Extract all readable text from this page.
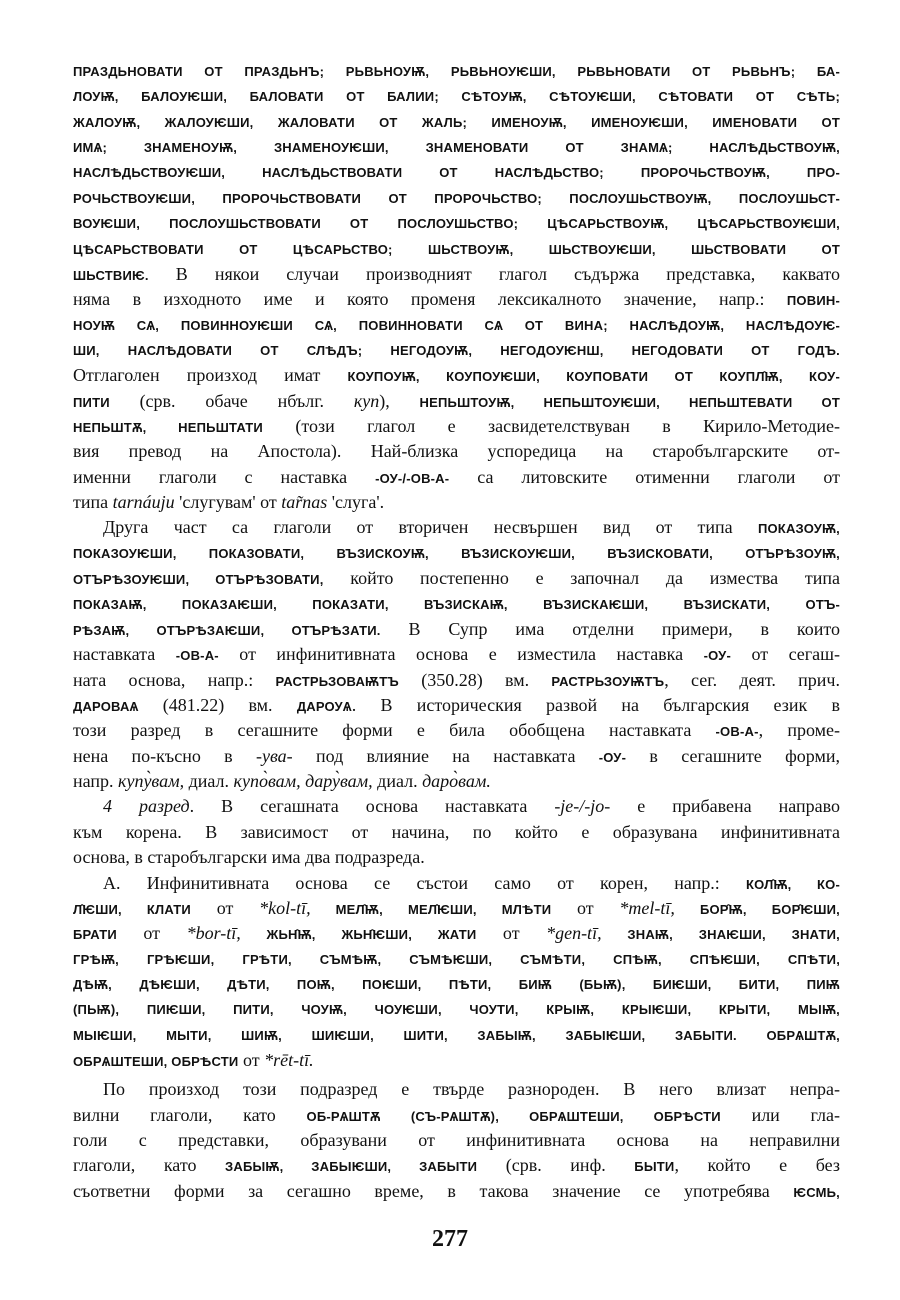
ПРАЗДЬНОВАТИ ОТ ПРАЗДЬНЪ; РЬВЬНОУѬ, РЬВЬНОУѤШИ, РЬВЬНОВАТИ ОТ РЬВЬНЪ; БА-
ЛОУѬ, БАЛОУѤШИ, БАЛОВАТИ ОТ БАЛИИ; СѢТОУѬ, СѢТОУѤШИ, СѢТОВАТИ ОТ СѢТЬ;
ЖАЛОУѬ, ЖАЛОУѤШИ, ЖАЛОВАТИ ОТ ЖАЛЬ; ИМЕНОУѬ, ИМЕНОУѤШИ, ИМЕНОВАТИ ОТ
ИМѦ; ЗНАМЕНОУѬ, ЗНАМЕНОУѤШИ, ЗНАМЕНОВАТИ ОТ ЗНАМѦ; НАСЛѢДЬСТВОУѬ,
НАСЛѢДЬСТВОУѤШИ, НАСЛѢДЬСТВОВАТИ ОТ НАСЛѢДЬСТВО; ПРОРОЧЬСТВОУѬ, ПРО-
РОЧЬСТВОУѤШИ, ПРОРОЧЬСТВОВАТИ ОТ ПРОРОЧЬСТВО; ПОСЛОУШЬСТВОУѬ, ПОСЛОУШЬСТ-
ВОУѤШИ, ПОСЛОУШЬСТВОВАТИ ОТ ПОСЛОУШЬСТВО; ЦѢСАРЬСТВОУѬ, ЦѢСАРЬСТВОУѤШИ,
ЦѢСАРЬСТВОВАТИ ОТ ЦѢСАРЬСТВО; ШЬСТВОУѬ, ШЬСТВОУѤШИ, ШЬСТВОВАТИ ОТ
ШЬСТВИѤ. В някои случаи производният глагол съдържа представка, каквато
няма в изходното име и която променя лексикалното значение, напр.: ПОВИН-
НОУѬ СѦ, ПОВИННОУѤШИ СѦ, ПОВИННОВАТИ СѦ ОТ ВИНА; НАСЛѢДОУѬ, НАСЛѢДОУѤ-
ШИ, НАСЛѢДОВАТИ ОТ СЛѢДЪ; НЕГОДОУѬ, НЕГОДОУѤНШ, НЕГОДОВАТИ ОТ ГОДЪ.
Отглаголен произход имат КОУПОУѬ, КОУПОУѤШИ, КОУПОВАТИ ОТ КОУПЛ̂Ѭ, КОУ-
ПИТИ (срв. обаче нбълг. куп), НЕПЬШТОУѬ, НЕПЬШТОУѤШИ, НЕПЬШТЕВАТИ ОТ
НЕПЬШТѪ, НЕПЬШТАТИ (този глагол е засвидетелствуван в Кирило-Методие-
вия превод на Апостола). Най-близка успоредица на старобългарските от-
именни глаголи с наставка -ОУ-/-ОВ-А- са литовските отименни глаголи от
типа tarnáuju 'слугувам' от tar̃nas 'слуга'.
Друга част са глаголи от вторичен несвършен вид от типа ПОКАЗОУѬ,
ПОКАЗОУѤШИ, ПОКАЗОВАТИ, ВЪЗИСКОУѬ, ВЪЗИСКОУѤШИ, ВЪЗИСКОВАТИ, ОТЪРѢЗОУѬ,
ОТЪРѢЗОУѤШИ, ОТЪРѢЗОВАТИ, който постепенно е започнал да измества типа
ПОКАЗАѬ, ПОКАЗАѤШИ, ПОКАЗАТИ, ВЪЗИСКАѬ, ВЪЗИСКАѤШИ, ВЪЗИСКАТИ, ОТЪ-
РѢЗАѬ, ОТЪРѢЗАѤШИ, ОТЪРѢЗАТИ. В Супр има отделни примери, в които
наставката -ОВ-А- от инфинитивната основа е изместила наставка -ОУ- от сегаш-
ната основа, напр.: РАСТРЬЗОВАѬТЪ (350.28) вм. РАСТРЬЗОУѬТЪ, сег. деят. прич.
ДАРОВАѦ (481.22) вм. ДАРОУѦ. В историческия развой на българския език в
този разред в сегашните форми е била обобщена наставката -ОВ-А-, проме-
нена по-късно в -ува- под влияние на наставката -ОУ- в сегашните форми,
напр. купу̀вам, диал. купо̀вам, дару̀вам, диал. даро̀вам.
4 разред. В сегашната основа наставката -je-/-jo- е прибавена направо
към корена. В зависимост от начина, по който е образувана инфинитивната
основа, в старобългарски има два подразреда.
А. Инфинитивната основа се състои само от корен, напр.: КОЛ̂Ѭ, КО-
Л̂ѤШИ, КЛАТИ от *kol-tī, МЕЛ̂Ѭ, МЕЛ̂ѤШИ, МЛѢТИ от *mel-tī, БОР̂Ѭ, БОР̂ѤШИ,
БРАТИ от *bor-tī, ЖЬН̂Ѭ, ЖЬН̂ѤШИ, ЖАТИ от *gen-tī, ЗНАѬ, ЗНАѤШИ, ЗНАТИ,
ГРѢѬ, ГРѢѤШИ, ГРѢТИ, СЪМѢѬ, СЪМѢѤШИ, СЪМѢТИ, СПѢѬ, СПѢѤШИ, СПѢТИ,
ДѢѬ, ДѢѤШИ, ДѢТИ, ПОѬ, ПОѤШИ, ПѢТИ, БИѬ (БЬѬ), БИѤШИ, БИТИ, ПИѬ
(ПЬѬ), ПИѤШИ, ПИТИ, ЧОУѬ, ЧОУѤШИ, ЧОУТИ, КРЫѬ, КРЫѤШИ, КРЫТИ, МЫѬ,
МЫѤШИ, МЫТИ, ШИѬ, ШИѤШИ, ШИТИ, ЗАБЫѬ, ЗАБЫѤШИ, ЗАБЫТИ. ОБРѦШТѪ,
ОБРѦШТЕШИ, ОБРѢСТИ от *rēt-tī.
По произход този подразред е твърде разнороден. В него влизат непра-
вилни глаголи, като ОБ-РѦШТѪ (СЪ-РѦШТѪ), ОБРѦШТЕШИ, ОБРѢСТИ или гла-
голи с представки, образувани от инфинитивната основа на неправилни
глаголи, като ЗАБЫѬ, ЗАБЫѤШИ, ЗАБЫТИ (срв. инф. БЫТИ, който е без
съответни форми за сегашно време, в такова значение се употребява ѤСМЬ,
277
